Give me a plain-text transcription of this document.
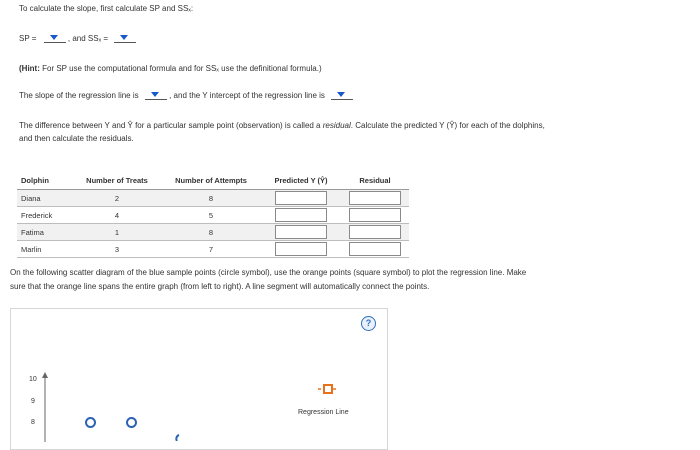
To calculate the slope, first calculate SP and SSₓ:
SP =	, and SSₓ =
(Hint: For SP use the computational formula and for SSₓ use the definitional formula.)
The slope of the regression line is	, and the Y intercept of the regression line is
The difference between Y and Ŷ for a particular sample point (observation) is called a residual. Calculate the predicted Y (Ŷ) for each of the dolphins,
and then calculate the residuals.
Dolphin	Number of Treats	Number of Attempts	Predicted Y (Ŷ)	Residual
Diana	2	8	

Frederick	4	5	

Fatima	1	8	

Marlin	3	7	

On the following scatter diagram of the blue sample points (circle symbol), use the orange points (square symbol) to plot the regression line. Make
sure that the orange line spans the entire graph (from left to right). A line segment will automatically connect the points.
?
10
9
8
Regression Line
